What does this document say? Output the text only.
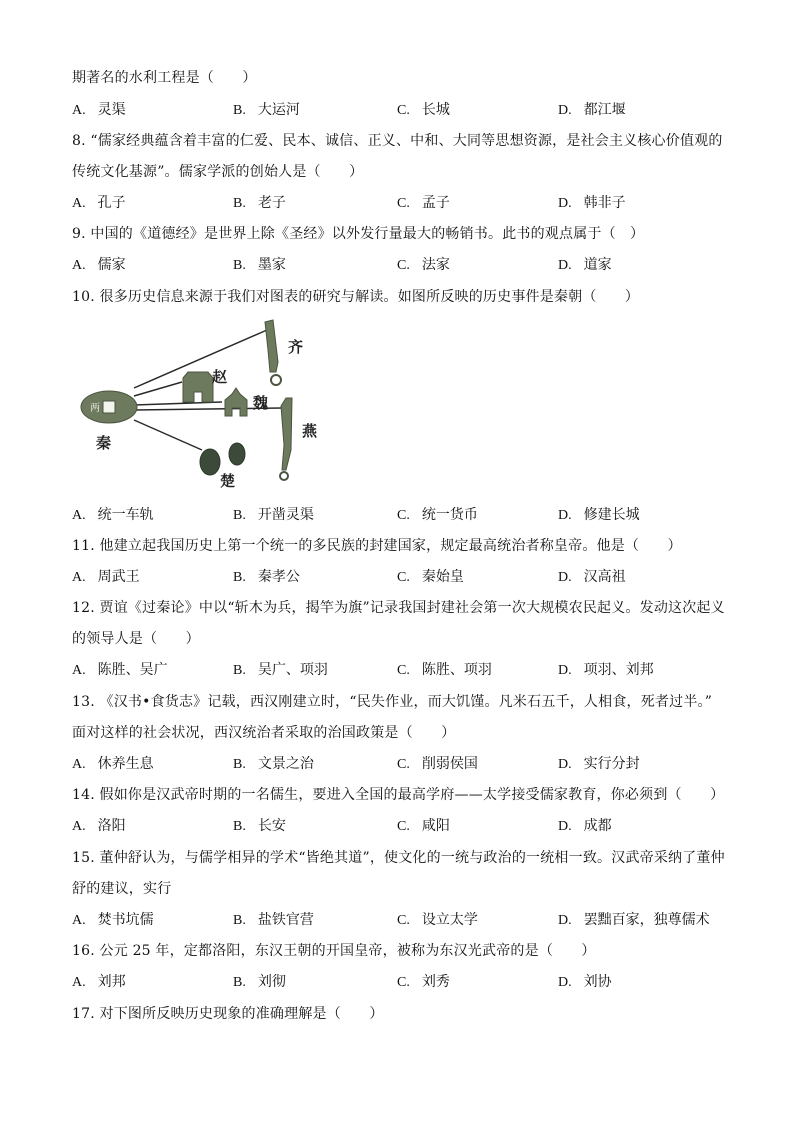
期著名的水利工程是（　　）
A. 灵渠	B. 大运河	C. 长城	D. 都江堰
8. “儒家经典蕴含着丰富的仁爱、民本、诚信、正义、中和、大同等思想资源，是社会主义核心价值观的
传统文化基源”。儒家学派的创始人是（　　）
A. 孔子	B. 老子	C. 孟子	D. 韩非子
9. 中国的《道德经》是世界上除《圣经》以外发行量最大的畅销书。此书的观点属于（　）
A. 儒家	B. 墨家	C. 法家	D. 道家
10. 很多历史信息来源于我们对图表的研究与解读。如图所反映的历史事件是秦朝（　　）
两
齐
赵
魏
燕
秦
楚
A. 统一车轨	B. 开凿灵渠	C. 统一货币	D. 修建长城
11. 他建立起我国历史上第一个统一的多民族的封建国家，规定最高统治者称皇帝。他是（　　）
A. 周武王	B. 秦孝公	C. 秦始皇	D. 汉高祖
12. 贾谊《过秦论》中以“斩木为兵，揭竿为旗”记录我国封建社会第一次大规模农民起义。发动这次起义
的领导人是（　　）
A. 陈胜、吴广	B. 吴广、项羽	C. 陈胜、项羽	D. 项羽、刘邦
13. 《汉书•食货志》记载，西汉刚建立时，“民失作业，而大饥馑。凡米石五千，人相食，死者过半。”
面对这样的社会状况，西汉统治者采取的治国政策是（　　）
A. 休养生息	B. 文景之治	C. 削弱侯国	D. 实行分封
14. 假如你是汉武帝时期的一名儒生，要进入全国的最高学府——太学接受儒家教育，你必须到（　　）
A. 洛阳	B. 长安	C. 咸阳	D. 成都
15. 董仲舒认为，与儒学相异的学术“皆绝其道”，使文化的一统与政治的一统相一致。汉武帝采纳了董仲
舒的建议，实行
A. 焚书坑儒	B. 盐铁官营	C. 设立太学	D. 罢黜百家，独尊儒术
16. 公元 25 年，定都洛阳，东汉王朝的开国皇帝，被称为东汉光武帝的是（　　）
A. 刘邦	B. 刘彻	C. 刘秀	D. 刘协
17. 对下图所反映历史现象的准确理解是（　　）
